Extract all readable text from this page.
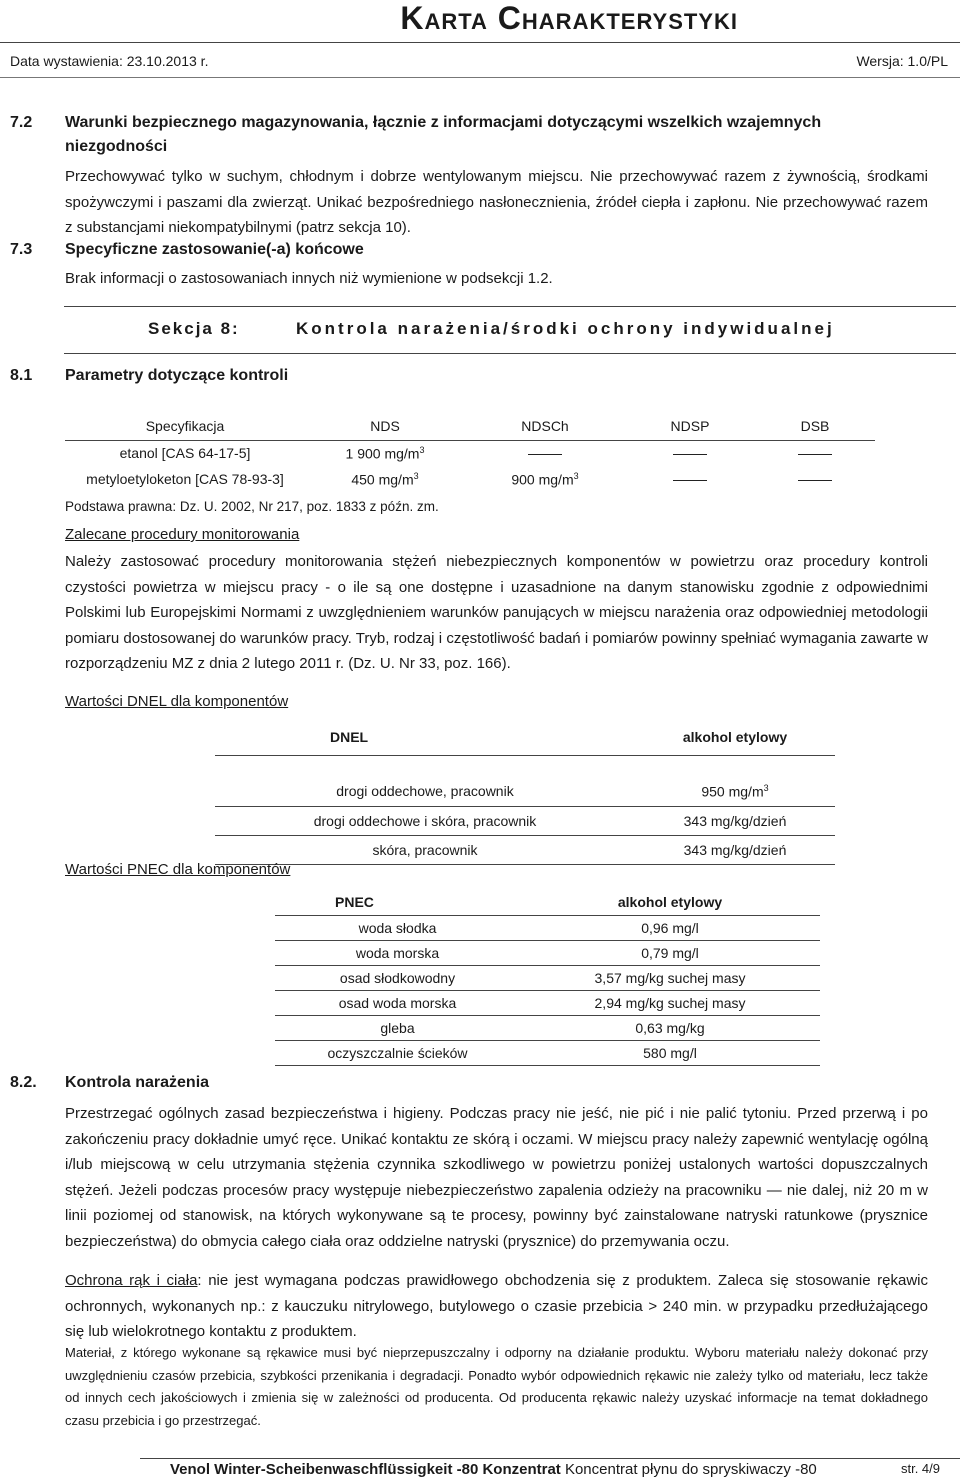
Karta Charakterystyki
Data wystawienia: 23.10.2013 r.	Wersja: 1.0/PL
7.2 Warunki bezpiecznego magazynowania, łącznie z informacjami dotyczącymi wszelkich wzajemnych
niezgodności
Przechowywać tylko w suchym, chłodnym i dobrze wentylowanym miejscu. Nie przechowywać razem z żywnością, środkami spożywczymi i paszami dla zwierząt. Unikać bezpośredniego nasłonecznienia, źródeł ciepła i zapłonu. Nie przechowywać razem z substancjami niekompatybilnymi (patrz sekcja 10).
7.3 Specyficzne zastosowanie(-a) końcowe
Brak informacji o zastosowaniach innych niż wymienione w podsekcji 1.2.
Sekcja 8:	Kontrola narażenia/środki ochrony indywidualnej
8.1 Parametry dotyczące kontroli
Specyfikacja	NDS	NDSCh	NDSP	DSB
etanol [CAS 64-17-5]	1 900 $mg/m^3$			
metyloetyloketon [CAS 78-93-3]	450 $mg/m^3$	900 $mg/m^3$		
Podstawa prawna: Dz. U. 2002, Nr 217, poz. 1833 z późn. zm.
Zalecane procedury monitorowania
Należy zastosować procedury monitorowania stężeń niebezpiecznych komponentów w powietrzu oraz procedury kontroli czystości powietrza w miejscu pracy - o ile są one dostępne i uzasadnione na danym stanowisku zgodnie z odpowiednimi Polskimi lub Europejskimi Normami z uwzględnieniem warunków panujących w miejscu narażenia oraz odpowiedniej metodologii pomiaru dostosowanej do warunków pracy. Tryb, rodzaj i częstotliwość badań i pomiarów powinny spełniać wymagania zawarte w rozporządzeniu MZ z dnia 2 lutego 2011 r. (Dz. U. Nr 33, poz. 166).
Wartości DNEL dla komponentów
DNEL	alkohol etylowy

drogi oddechowe, pracownik	950 $mg/m^3$
drogi oddechowe i skóra, pracownik	343 mg/kg/dzień
skóra, pracownik	343 mg/kg/dzień
Wartości PNEC dla komponentów
PNEC	alkohol etylowy
woda słodka	0,96 mg/l
woda morska	0,79 mg/l
osad słodkowodny	3,57 mg/kg suchej masy
osad woda morska	2,94 mg/kg suchej masy
gleba	0,63 mg/kg
oczyszczalnie ścieków	580 mg/l
8.2. Kontrola narażenia
Przestrzegać ogólnych zasad bezpieczeństwa i higieny. Podczas pracy nie jeść, nie pić i nie palić tytoniu. Przed przerwą i po zakończeniu pracy dokładnie umyć ręce. Unikać kontaktu ze skórą i oczami. W miejscu pracy należy zapewnić wentylację ogólną i/lub miejscową w celu utrzymania stężenia czynnika szkodliwego w powietrzu poniżej ustalonych wartości dopuszczalnych stężeń. Jeżeli podczas procesów pracy występuje niebezpieczeństwo zapalenia odzieży na pracowniku — nie dalej, niż 20 m w linii poziomej od stanowisk, na których wykonywane są te procesy, powinny być zainstalowane natryski ratunkowe (prysznice bezpieczeństwa) do obmycia całego ciała oraz oddzielne natryski (prysznice) do przemywania oczu.
Ochrona rąk i ciała: nie jest wymagana podczas prawidłowego obchodzenia się z produktem. Zaleca się stosowanie rękawic ochronnych, wykonanych np.: z kauczuku nitrylowego, butylowego o czasie przebicia > 240 min. w przypadku przedłużającego się lub wielokrotnego kontaktu z produktem.
Materiał, z którego wykonane są rękawice musi być nieprzepuszczalny i odporny na działanie produktu. Wyboru materiału należy dokonać przy uwzględnieniu czasów przebicia, szybkości przenikania i degradacji. Ponadto wybór odpowiednich rękawic nie zależy tylko od materiału, lecz także od innych cech jakościowych i zmienia się w zależności od producenta. Od producenta rękawic należy uzyskać informacje na temat dokładnego czasu przebicia i go przestrzegać.
Venol Winter-Scheibenwaschflüssigkeit -80 Konzentrat Koncentrat płynu do spryskiwaczy -80	str. 4/9
